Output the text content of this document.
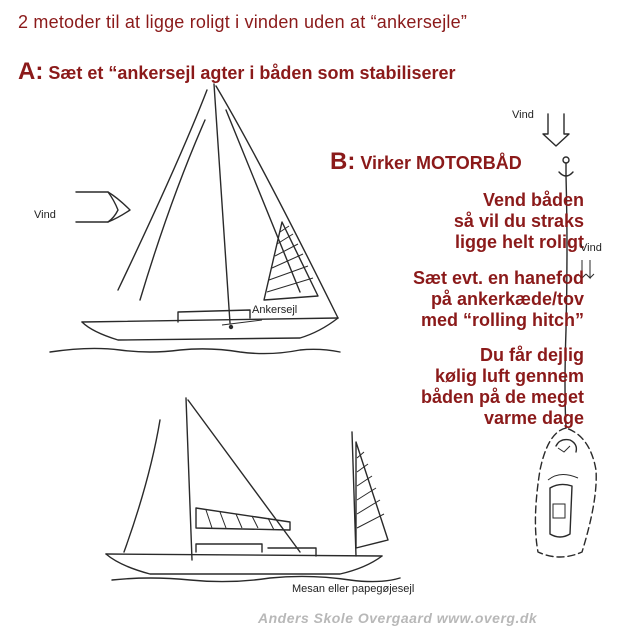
2 metoder til at ligge roligt i vinden uden at “ankersejle”
A: Sæt et “ankersejl agter i båden som stabiliserer
B: Virker MOTORBÅD
Vend båden
så vil du straks
ligge helt roligt
Sæt evt. en hanefod
på ankerkæde/tov
med “rolling hitch”
Du får dejlig
kølig luft gennem
båden på de meget
varme dage
Vind
Vind
Vind
Ankersejl
Mesan eller papegøjesejl
Anders Skole Overgaard www.overg.dk
